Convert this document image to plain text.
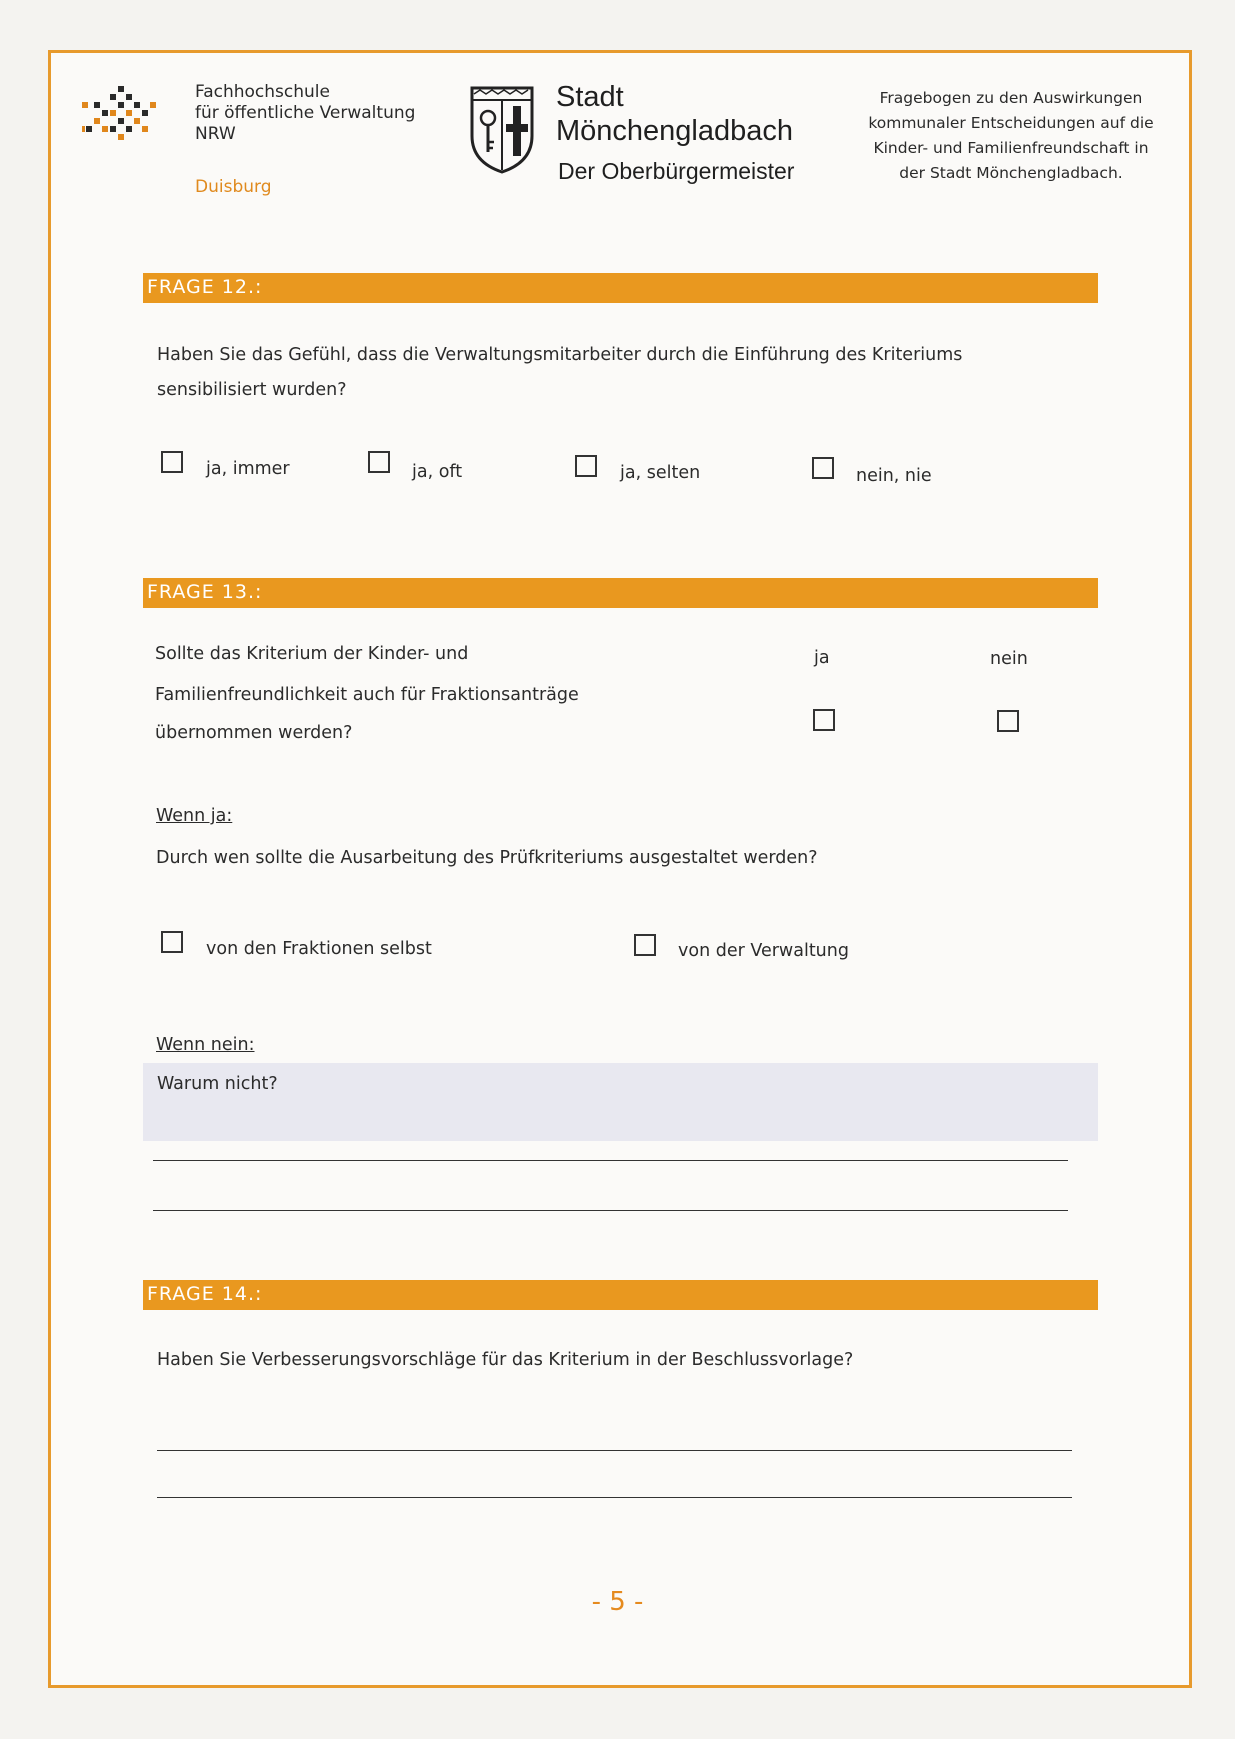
Fachhochschule
für öffentliche Verwaltung
NRW
Duisburg
Stadt
Mönchengladbach
Der Oberbürgermeister
Fragebogen zu den Auswirkungen
kommunaler Entscheidungen auf die
Kinder- und Familienfreundschaft in
der Stadt Mönchengladbach.
FRAGE 12.:
Haben Sie das Gefühl, dass die Verwaltungsmitarbeiter durch die Einführung des Kriteriums
sensibilisiert wurden?
ja, immer	ja, oft	ja, selten	nein, nie
FRAGE 13.:
Sollte das Kriterium der Kinder- und
Familienfreundlichkeit auch für Fraktionsanträge
übernommen werden?
ja	nein
Wenn ja:
Durch wen sollte die Ausarbeitung des Prüfkriteriums ausgestaltet werden?
von den Fraktionen selbst	von der Verwaltung
Wenn nein:
Warum nicht?
FRAGE 14.:
Haben Sie Verbesserungsvorschläge für das Kriterium in der Beschlussvorlage?
- 5 -
